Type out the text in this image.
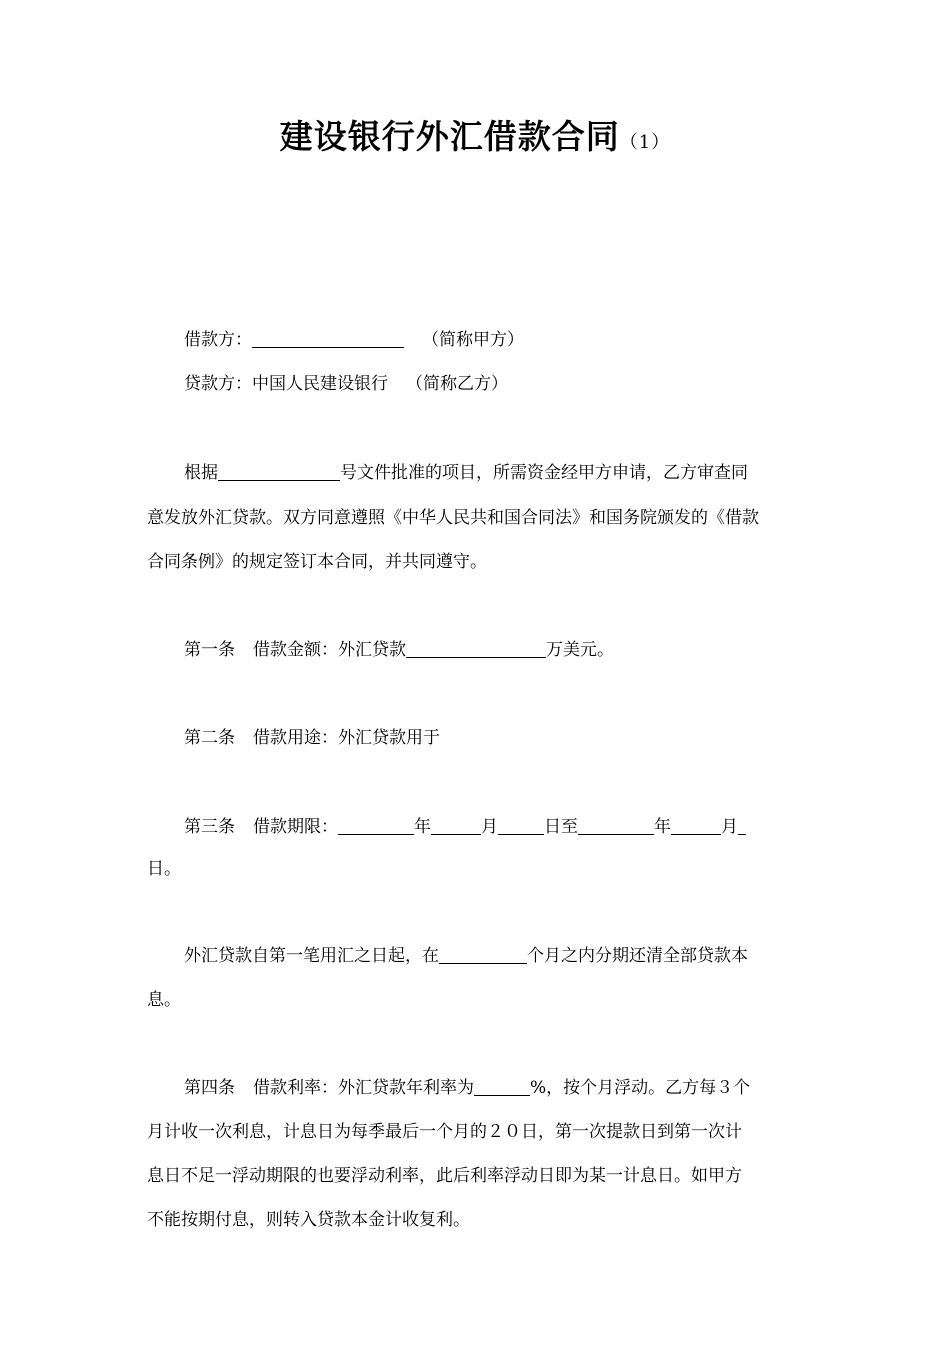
建设银行外汇借款合同（1）
借款方：	（简称甲方）
贷款方：中国人民建设银行 （简称乙方）
根据	号文件批准的项目，所需资金经甲方申请，乙方审查同
意发放外汇贷款。双方同意遵照《中华人民共和国合同法》和国务院颁发的《借款
合同条例》的规定签订本合同，并共同遵守。
第一条 借款金额：外汇贷款	万美元。
第二条 借款用途：外汇贷款用于
第三条 借款期限：	年	月	日至	年	月
日。
外汇贷款自第一笔用汇之日起，在	个月之内分期还清全部贷款本
息。
第四条 借款利率：外汇贷款年利率为	%，按个月浮动。乙方每３个
月计收一次利息，计息日为每季最后一个月的２０日，第一次提款日到第一次计
息日不足一浮动期限的也要浮动利率，此后利率浮动日即为某一计息日。如甲方
不能按期付息，则转入贷款本金计收复利。
